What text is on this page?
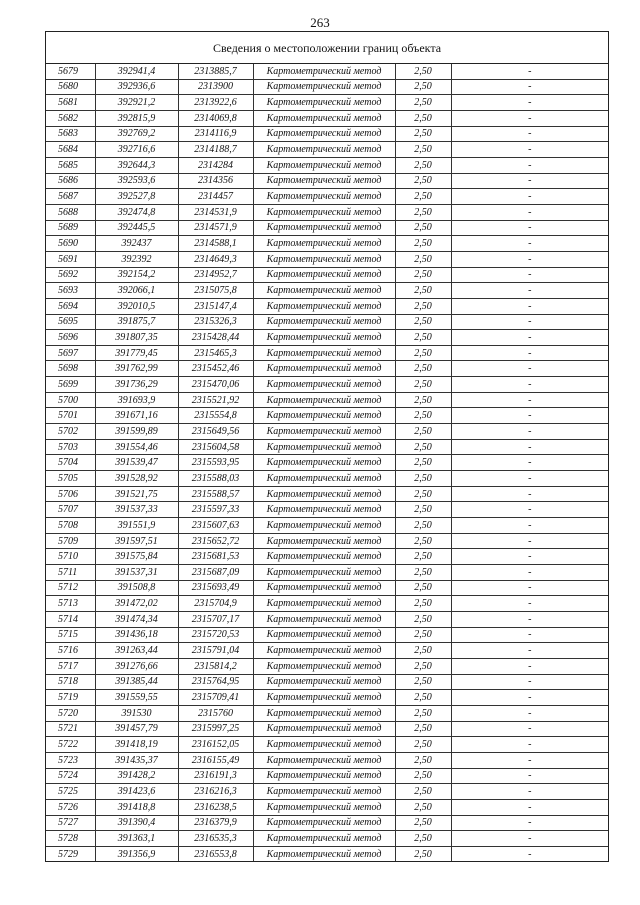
263
Сведения о местоположении границ объекта
5679	392941,4	2313885,7	Картометрический метод	2,50	-
5680	392936,6	2313900	Картометрический метод	2,50	-
5681	392921,2	2313922,6	Картометрический метод	2,50	-
5682	392815,9	2314069,8	Картометрический метод	2,50	-
5683	392769,2	2314116,9	Картометрический метод	2,50	-
5684	392716,6	2314188,7	Картометрический метод	2,50	-
5685	392644,3	2314284	Картометрический метод	2,50	-
5686	392593,6	2314356	Картометрический метод	2,50	-
5687	392527,8	2314457	Картометрический метод	2,50	-
5688	392474,8	2314531,9	Картометрический метод	2,50	-
5689	392445,5	2314571,9	Картометрический метод	2,50	-
5690	392437	2314588,1	Картометрический метод	2,50	-
5691	392392	2314649,3	Картометрический метод	2,50	-
5692	392154,2	2314952,7	Картометрический метод	2,50	-
5693	392066,1	2315075,8	Картометрический метод	2,50	-
5694	392010,5	2315147,4	Картометрический метод	2,50	-
5695	391875,7	2315326,3	Картометрический метод	2,50	-
5696	391807,35	2315428,44	Картометрический метод	2,50	-
5697	391779,45	2315465,3	Картометрический метод	2,50	-
5698	391762,99	2315452,46	Картометрический метод	2,50	-
5699	391736,29	2315470,06	Картометрический метод	2,50	-
5700	391693,9	2315521,92	Картометрический метод	2,50	-
5701	391671,16	2315554,8	Картометрический метод	2,50	-
5702	391599,89	2315649,56	Картометрический метод	2,50	-
5703	391554,46	2315604,58	Картометрический метод	2,50	-
5704	391539,47	2315593,95	Картометрический метод	2,50	-
5705	391528,92	2315588,03	Картометрический метод	2,50	-
5706	391521,75	2315588,57	Картометрический метод	2,50	-
5707	391537,33	2315597,33	Картометрический метод	2,50	-
5708	391551,9	2315607,63	Картометрический метод	2,50	-
5709	391597,51	2315652,72	Картометрический метод	2,50	-
5710	391575,84	2315681,53	Картометрический метод	2,50	-
5711	391537,31	2315687,09	Картометрический метод	2,50	-
5712	391508,8	2315693,49	Картометрический метод	2,50	-
5713	391472,02	2315704,9	Картометрический метод	2,50	-
5714	391474,34	2315707,17	Картометрический метод	2,50	-
5715	391436,18	2315720,53	Картометрический метод	2,50	-
5716	391263,44	2315791,04	Картометрический метод	2,50	-
5717	391276,66	2315814,2	Картометрический метод	2,50	-
5718	391385,44	2315764,95	Картометрический метод	2,50	-
5719	391559,55	2315709,41	Картометрический метод	2,50	-
5720	391530	2315760	Картометрический метод	2,50	-
5721	391457,79	2315997,25	Картометрический метод	2,50	-
5722	391418,19	2316152,05	Картометрический метод	2,50	-
5723	391435,37	2316155,49	Картометрический метод	2,50	-
5724	391428,2	2316191,3	Картометрический метод	2,50	-
5725	391423,6	2316216,3	Картометрический метод	2,50	-
5726	391418,8	2316238,5	Картометрический метод	2,50	-
5727	391390,4	2316379,9	Картометрический метод	2,50	-
5728	391363,1	2316535,3	Картометрический метод	2,50	-
5729	391356,9	2316553,8	Картометрический метод	2,50	-
